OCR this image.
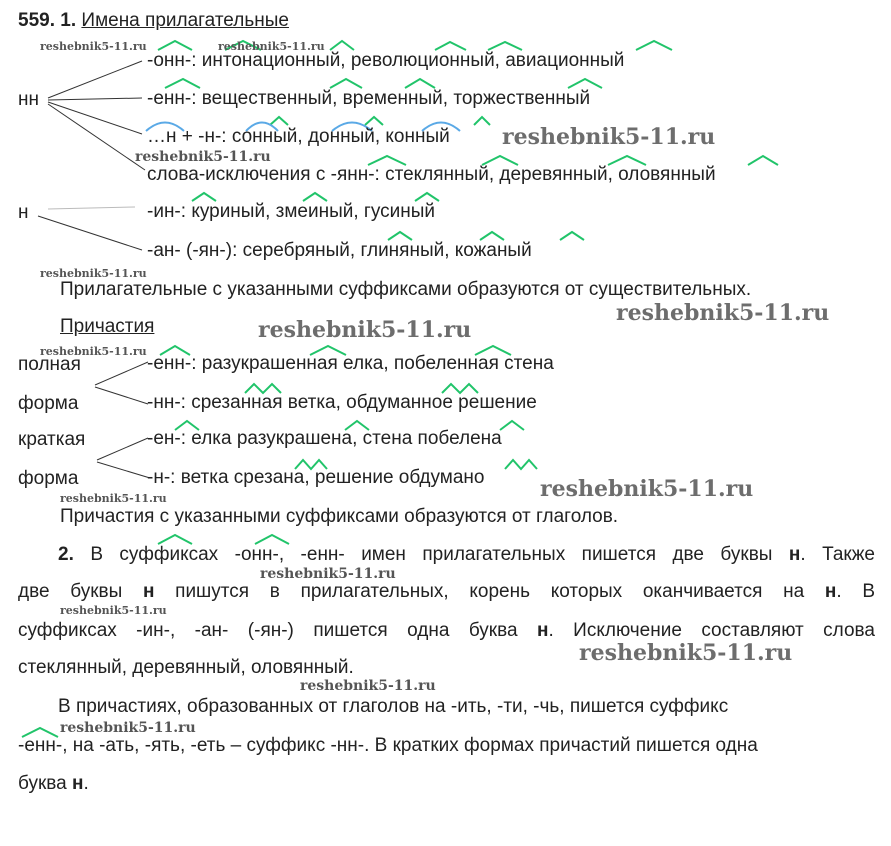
559. 1. Имена прилагательные
нн
н
-онн-: интонационный, революционный, авиационный
-енн-: вещественный, временный, торжественный
…н + -н-: сонный, донный, конный
слова-исключения с -янн-: стеклянный, деревянный, оловянный
-ин-: куриный, змеиный, гусиный
-ан- (-ян-): серебряный, глиняный, кожаный
Прилагательные с указанными суффиксами образуются от существительных.
Причастия
полная
форма
краткая
форма
-енн-: разукрашенная елка, побеленная стена
-нн-: срезанная ветка, обдуманное решение
-ен-: елка разукрашена, стена побелена
-н-: ветка срезана, решение обдумано
Причастия с указанными суффиксами образуются от глаголов.
2. В суффиксах -онн-, -енн- имен прилагательных пишется две буквы н. Также
две буквы н пишутся в прилагательных, корень которых оканчивается на н. В
суффиксах -ин-, -ан- (-ян-) пишется одна буква н. Исключение составляют слова
стеклянный, деревянный, оловянный.
В причастиях, образованных от глаголов на -ить, -ти, -чь, пишется суффикс
-енн-, на -ать, -ять, -еть – суффикс -нн-. В кратких формах причастий пишется одна
буква н.
reshebnik5-11.ru	reshebnik5-11.ru
reshebnik5-11.ru
reshebnik5-11.ru
reshebnik5-11.ru
reshebnik5-11.ru
reshebnik5-11.ru
reshebnik5-11.ru
reshebnik5-11.ru
reshebnik5-11.ru
reshebnik5-11.ru
reshebnik5-11.ru
reshebnik5-11.ru
reshebnik5-11.ru
reshebnik5-11.ru
